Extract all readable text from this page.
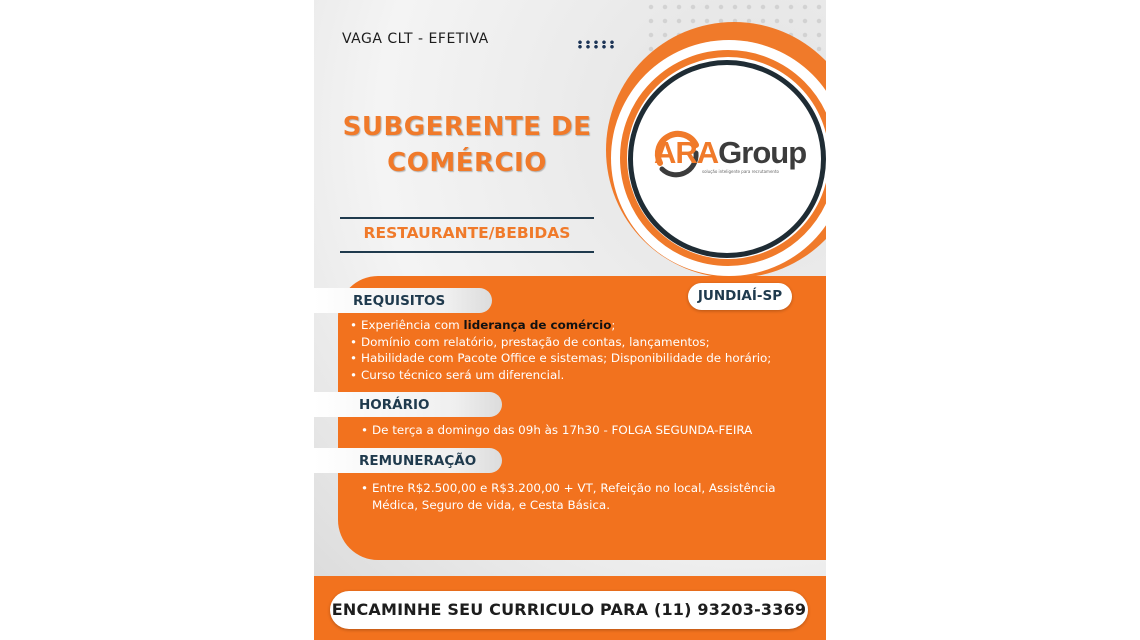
VAGA CLT - EFETIVA
SUBGERENTE DE
COMÉRCIO
RESTAURANTE/BEBIDAS
ARAGroup
solução inteligente para recrutamento
REQUISITOS	JUNDIAÍ-SP
• Experiência com liderança de comércio;
• Domínio com relatório, prestação de contas, lançamentos;
• Habilidade com Pacote Office e sistemas; Disponibilidade de horário;
• Curso técnico será um diferencial.
HORÁRIO
• De terça a domingo das 09h às 17h30 - FOLGA SEGUNDA-FEIRA
REMUNERAÇÃO
• Entre R$2.500,00 e R$3.200,00 + VT, Refeição no local, Assistência Médica, Seguro de vida, e Cesta Básica.
ENCAMINHE SEU CURRICULO PARA (11) 93203-3369
